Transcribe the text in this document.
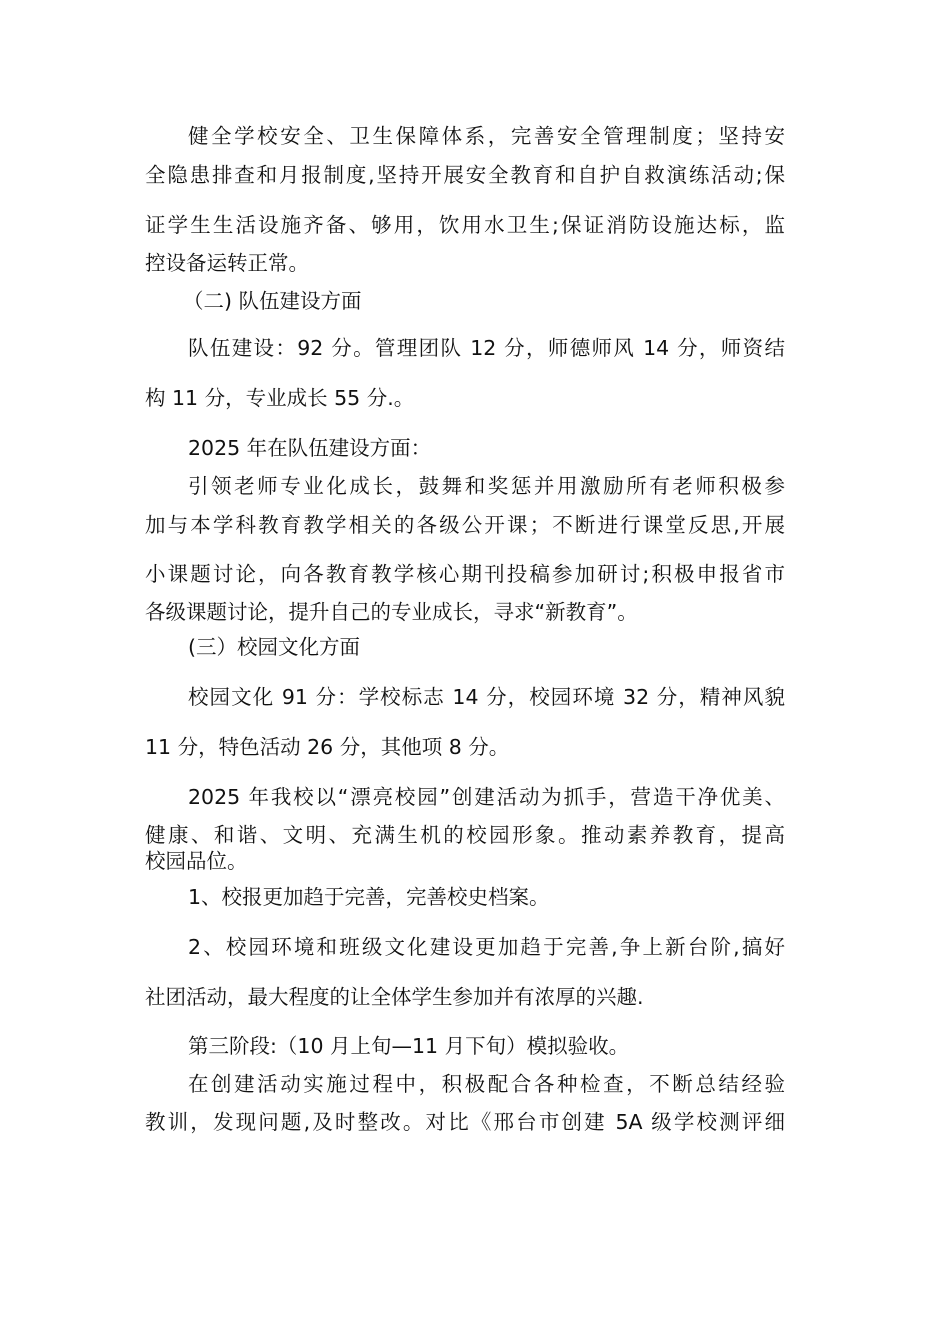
健全学校安全、卫生保障体系，完善安全管理制度；坚持安
全隐患排查和月报制度,坚持开展安全教育和自护自救演练活动;保
证学生生活设施齐备、够用，饮用水卫生;保证消防设施达标，监
控设备运转正常。
（二) 队伍建设方面
队伍建设：92 分。管理团队 12 分，师德师风 14 分，师资结
构 11 分，专业成长 55 分.。
2025 年在队伍建设方面：
引领老师专业化成长，鼓舞和奖惩并用激励所有老师积极参
加与本学科教育教学相关的各级公开课；不断进行课堂反思,开展
小课题讨论，向各教育教学核心期刊投稿参加研讨;积极申报省市
各级课题讨论，提升自己的专业成长，寻求“新教育”。
(三）校园文化方面
校园文化 91 分：学校标志 14 分，校园环境 32 分，精神风貌
11 分，特色活动 26 分，其他项 8 分。
2025 年我校以“漂亮校园”创建活动为抓手，营造干净优美、
健康、和谐、文明、充满生机的校园形象。推动素养教育，提高
校园品位。
1、校报更加趋于完善，完善校史档案。
2、校园环境和班级文化建设更加趋于完善,争上新台阶,搞好
社团活动，最大程度的让全体学生参加并有浓厚的兴趣.
第三阶段:（10 月上旬—11 月下旬）模拟验收。
在创建活动实施过程中，积极配合各种检查，不断总结经验
教训，发现问题,及时整改。对比《邢台市创建 5A 级学校测评细
